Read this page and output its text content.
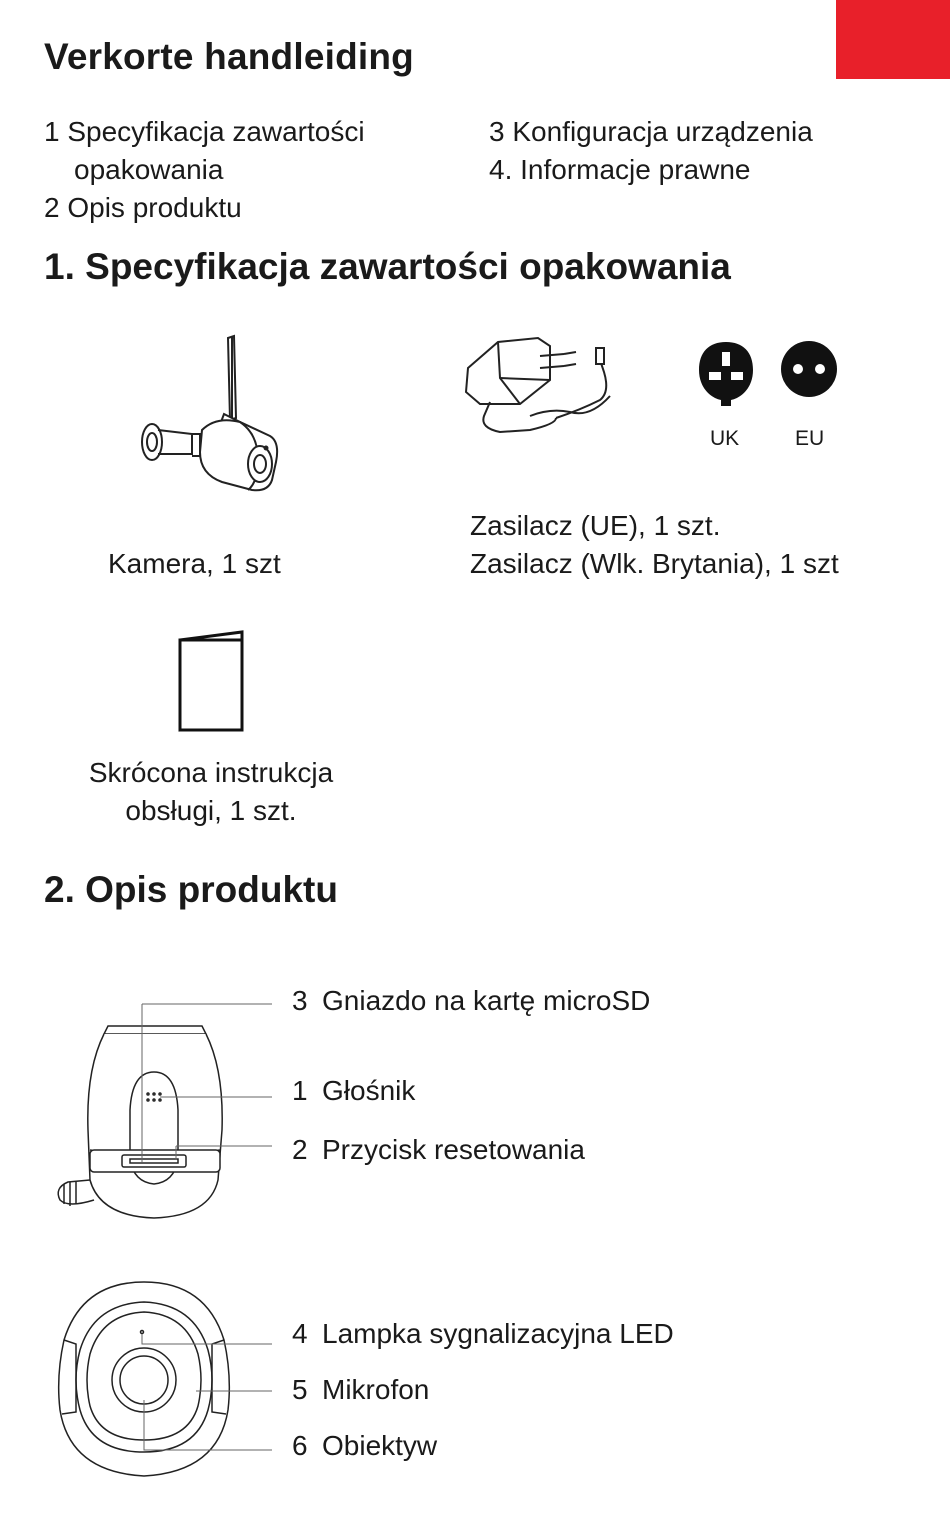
Verkorte handleiding
1 Specyfikacja zawartości
opakowania
2 Opis produktu
3 Konfiguracja urządzenia
4. Informacje prawne
1. Specyfikacja zawartości opakowania
UK	EU
Kamera, 1 szt
Zasilacz (UE), 1 szt.
Zasilacz (Wlk. Brytania), 1 szt
Skrócona instrukcja
obsługi, 1 szt.
2. Opis produktu
3 Gniazdo na kartę microSD
1 Głośnik
2 Przycisk resetowania
4 Lampka sygnalizacyjna LED
5 Mikrofon
6 Obiektyw
